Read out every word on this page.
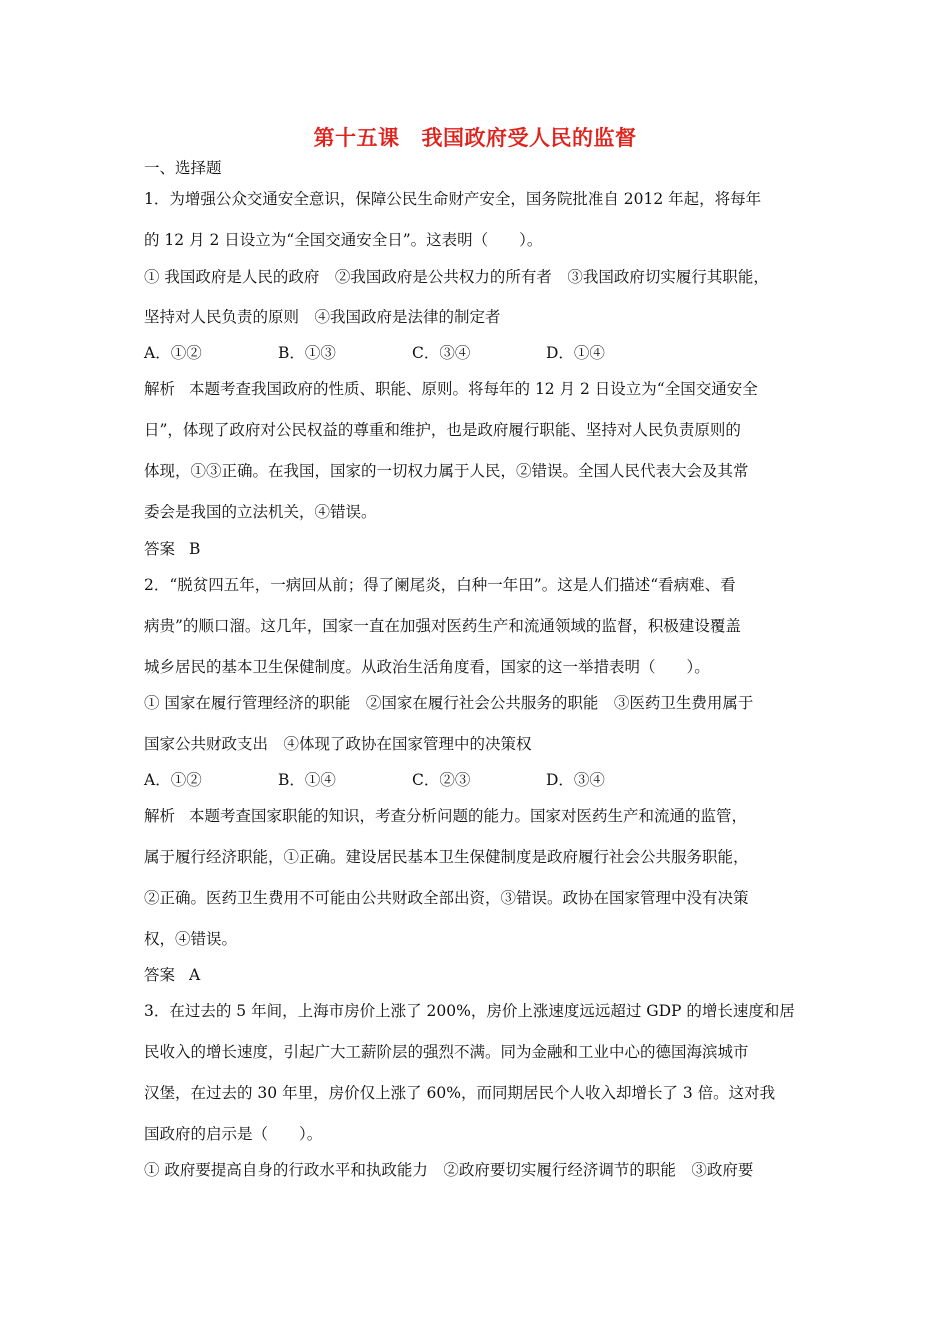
第十五课 我国政府受人民的监督
一、选择题
1．为增强公众交通安全意识，保障公民生命财产安全，国务院批准自 2012 年起，将每年
的 12 月 2 日设立为“全国交通安全日”。这表明（　　）。
① 我国政府是人民的政府　②我国政府是公共权力的所有者　③我国政府切实履行其职能，
坚持对人民负责的原则　④我国政府是法律的制定者
A．①②	B．①③	C．③④	D．①④
解析 本题考查我国政府的性质、职能、原则。将每年的 12 月 2 日设立为“全国交通安全
日”，体现了政府对公民权益的尊重和维护，也是政府履行职能、坚持对人民负责原则的
体现，①③正确。在我国，国家的一切权力属于人民，②错误。全国人民代表大会及其常
委会是我国的立法机关，④错误。
答案 B
2．“脱贫四五年，一病回从前；得了阑尾炎，白种一年田”。这是人们描述“看病难、看
病贵”的顺口溜。这几年，国家一直在加强对医药生产和流通领域的监督，积极建设覆盖
城乡居民的基本卫生保健制度。从政治生活角度看，国家的这一举措表明（　　）。
① 国家在履行管理经济的职能　②国家在履行社会公共服务的职能　③医药卫生费用属于
国家公共财政支出　④体现了政协在国家管理中的决策权
A．①②	B．①④	C．②③	D．③④
解析 本题考查国家职能的知识，考查分析问题的能力。国家对医药生产和流通的监管，
属于履行经济职能，①正确。建设居民基本卫生保健制度是政府履行社会公共服务职能，
②正确。医药卫生费用不可能由公共财政全部出资，③错误。政协在国家管理中没有决策
权，④错误。
答案 A
3．在过去的 5 年间，上海市房价上涨了 200%，房价上涨速度远远超过 GDP 的增长速度和居
民收入的增长速度，引起广大工薪阶层的强烈不满。同为金融和工业中心的德国海滨城市
汉堡，在过去的 30 年里，房价仅上涨了 60%，而同期居民个人收入却增长了 3 倍。这对我
国政府的启示是（　　）。
① 政府要提高自身的行政水平和执政能力　②政府要切实履行经济调节的职能　③政府要
